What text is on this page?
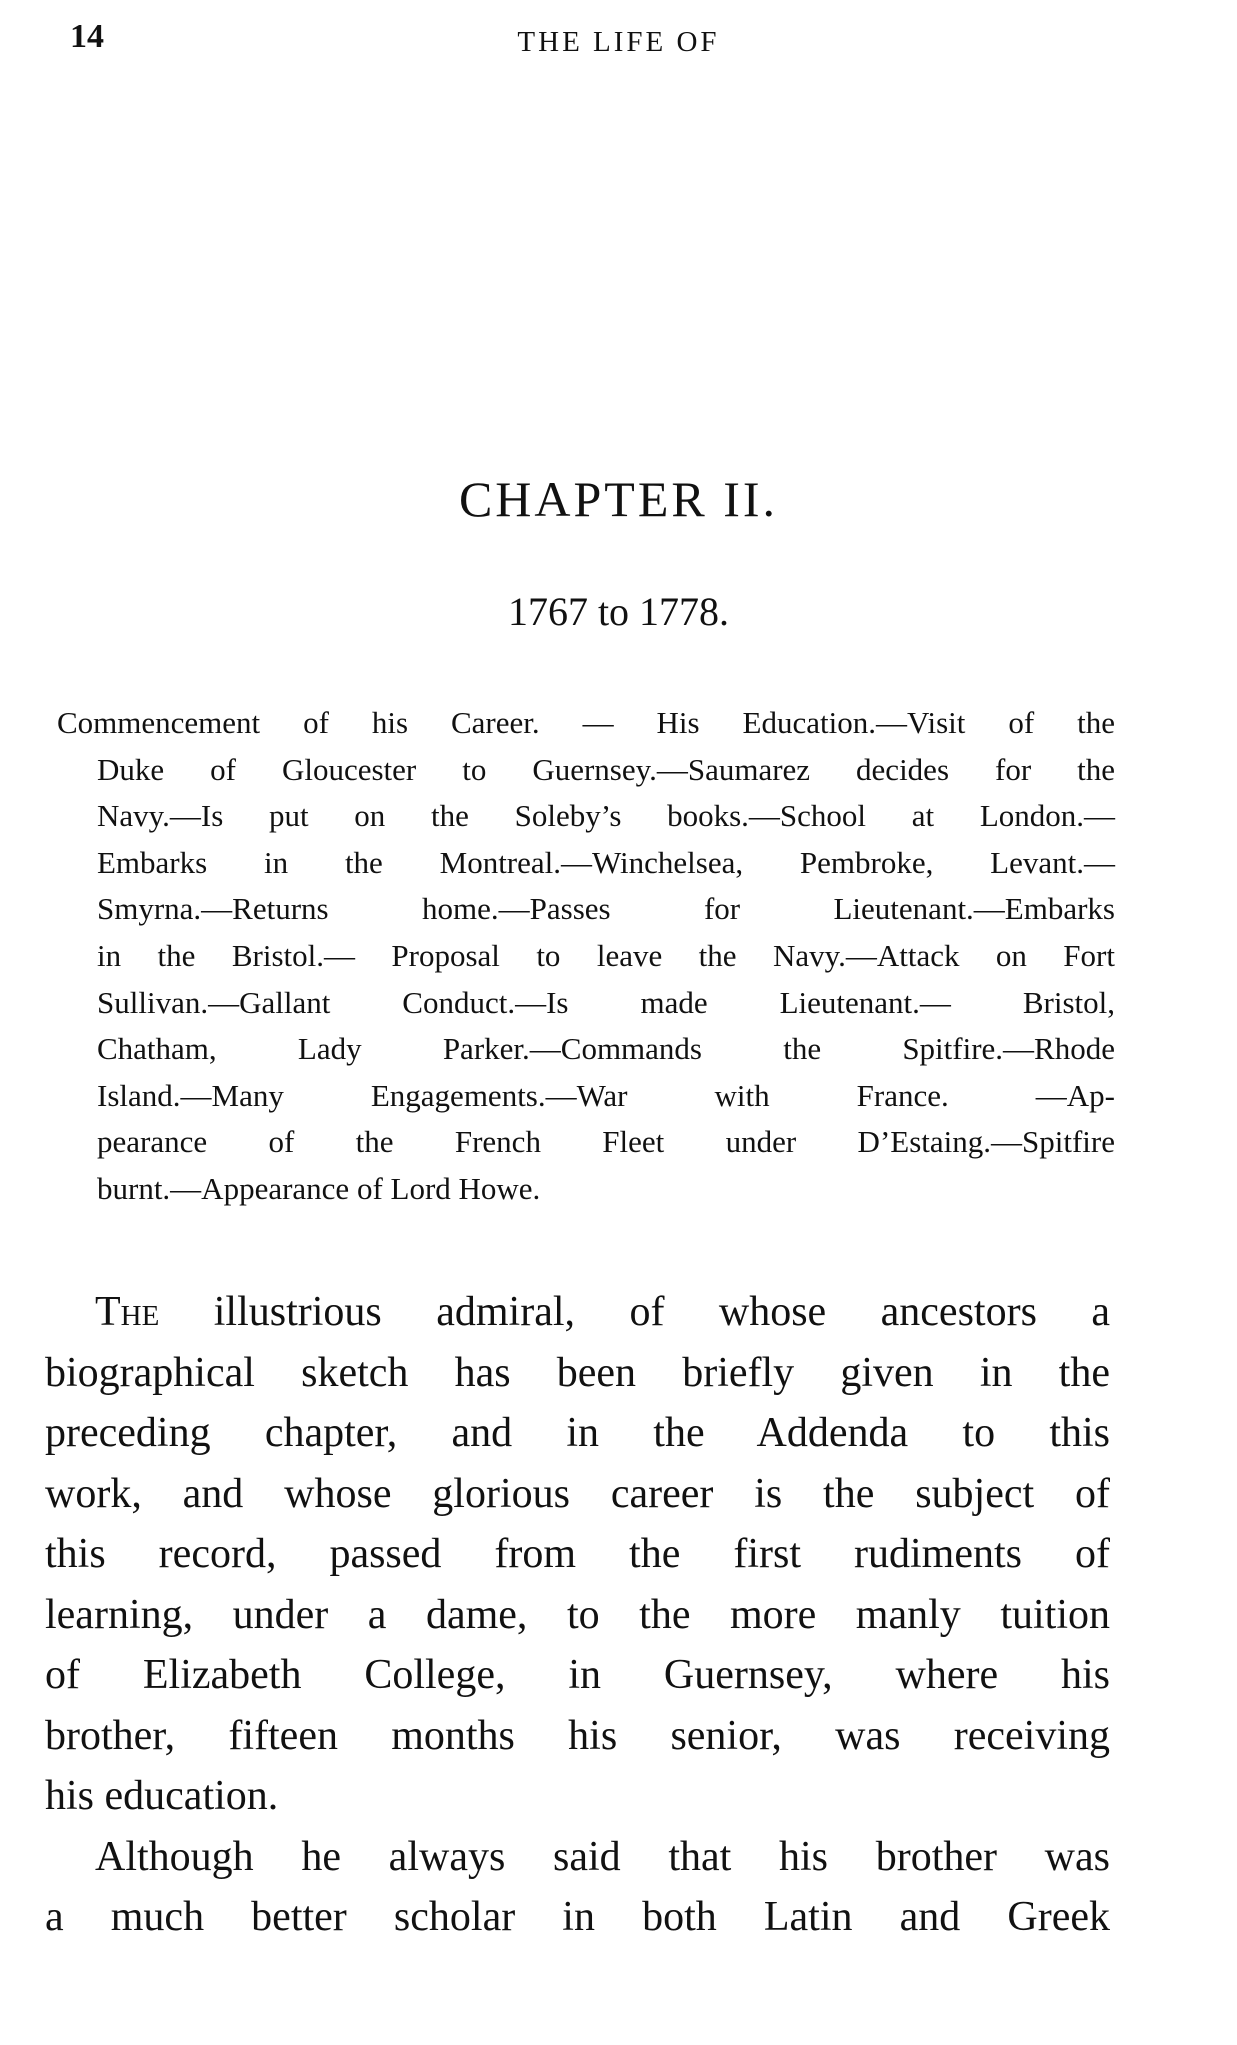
14	THE LIFE OF
CHAPTER II.
1767 to 1778.
Commencement of his Career. — His Education.—Visit of the
Duke of Gloucester to Guernsey.—Saumarez decides for the
Navy.—Is put on the Soleby’s books.—School at London.—
Embarks in the Montreal.—Winchelsea, Pembroke, Levant.—
Smyrna.—Returns home.—Passes for Lieutenant.—Embarks
in the Bristol.— Proposal to leave the Navy.—Attack on Fort
Sullivan.—Gallant Conduct.—Is made Lieutenant.— Bristol,
Chatham, Lady Parker.—Commands the Spitfire.—Rhode
Island.—Many Engagements.—War with France. —Ap-
pearance of the French Fleet under D’Estaing.—Spitfire
burnt.—Appearance of Lord Howe.
The illustrious admiral, of whose ancestors a
biographical sketch has been briefly given in the
preceding chapter, and in the Addenda to this
work, and whose glorious career is the subject of
this record, passed from the first rudiments of
learning, under a dame, to the more manly tuition
of Elizabeth College, in Guernsey, where his
brother, fifteen months his senior, was receiving
his education.
Although he always said that his brother was
a much better scholar in both Latin and Greek
